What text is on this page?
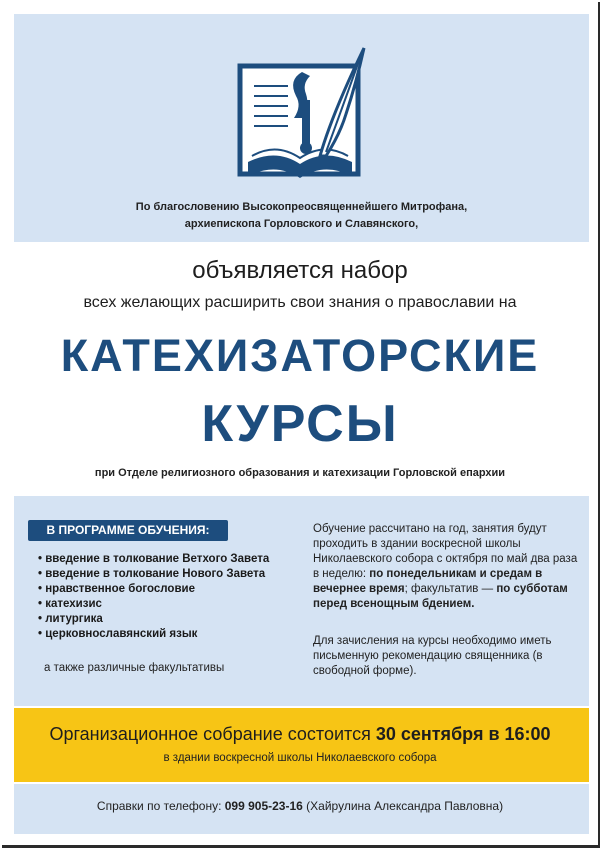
По благословению Высокопреосвященнейшего Митрофана,
архиепископа Горловского и Славянского,
объявляется набор
всех желающих расширить свои знания о православии на
КАТЕХИЗАТОРСКИЕ
КУРСЫ
при Отделе религиозного образования и катехизации Горловской епархии
В ПРОГРАММЕ ОБУЧЕНИЯ:
• введение в толкование Ветхого Завета
• введение в толкование Нового Завета
• нравственное богословие
• катехизис
• литургика
• церковнославянский язык
а также различные факультативы
Обучение рассчитано на год, занятия будут проходить в здании воскресной школы Николаевского собора с октября по май два раза в неделю: по понедельникам и средам в вечернее время; факультатив — по субботам перед всенощным бдением.
Для зачисления на курсы необходимо иметь письменную рекомендацию священника (в свободной форме).
Организационное собрание состоится 30 сентября в 16:00
в здании воскресной школы Николаевского собора
Справки по телефону: 099 905-23-16 (Хайрулина Александра Павловна)
